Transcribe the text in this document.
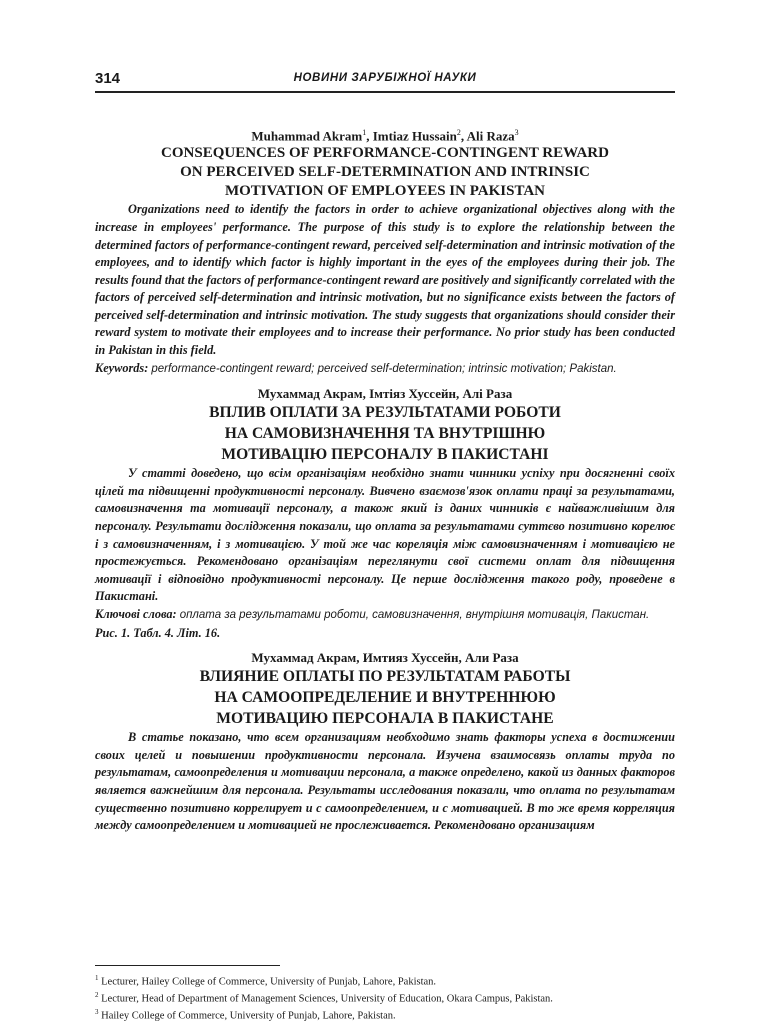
314	НОВИНИ ЗАРУБІЖНОЇ НАУКИ

Muhammad Akram$^1$, Imtiaz Hussain$^2$, Ali Raza$^3$

CONSEQUENCES OF PERFORMANCE-CONTINGENT REWARD
ON PERCEIVED SELF-DETERMINATION AND INTRINSIC
MOTIVATION OF EMPLOYEES IN PAKISTAN

Organizations need to identify the factors in order to achieve organizational objectives along with the increase in employees' performance. The purpose of this study is to explore the relationship between the determined factors of performance-contingent reward, perceived self-determination and intrinsic motivation of the employees, and to identify which factor is highly important in the eyes of the employees during their job. The results found that the factors of performance-contingent reward are positively and significantly correlated with the factors of perceived self-determination and intrinsic motivation, but no significance exists between the factors of perceived self-determination and intrinsic motivation. The study suggests that organizations should consider their reward system to motivate their employees and to increase their performance. No prior study has been conducted in Pakistan in this field.

Keywords: performance-contingent reward; perceived self-determination; intrinsic motivation; Pakistan.

Мухаммад Акрам, Імтіяз Хуссейн, Алі Раза

ВПЛИВ ОПЛАТИ ЗА РЕЗУЛЬТАТАМИ РОБОТИ
НА САМОВИЗНАЧЕННЯ ТА ВНУТРІШНЮ
МОТИВАЦІЮ ПЕРСОНАЛУ В ПАКИСТАНІ

У статті доведено, що всім організаціям необхідно знати чинники успіху при досягненні своїх цілей та підвищенні продуктивності персоналу. Вивчено взаємозв'язок оплати праці за результатами, самовизначення та мотивації персоналу, а також який із даних чинників є найважливішим для персоналу. Результати дослідження показали, що оплата за результатами суттєво позитивно корелює і з самовизначенням, і з мотивацією. У той же час кореляція між самовизначенням і мотивацією не простежується. Рекомендовано організаціям переглянути свої системи оплат для підвищення мотивації і відповідно продуктивності персоналу. Це перше дослідження такого роду, проведене в Пакистані.

Ключові слова: оплата за результатами роботи, самовизначення, внутрішня мотивація, Пакистан.

Рис. 1. Табл. 4. Літ. 16.

Мухаммад Акрам, Имтияз Хуссейн, Али Раза

ВЛИЯНИЕ ОПЛАТЫ ПО РЕЗУЛЬТАТАМ РАБОТЫ
НА САМООПРЕДЕЛЕНИЕ И ВНУТРЕННЮЮ
МОТИВАЦИЮ ПЕРСОНАЛА В ПАКИСТАНЕ

В статье показано, что всем организациям необходимо знать факторы успеха в достижении своих целей и повышении продуктивности персонала. Изучена взаимосвязь оплаты труда по результатам, самоопределения и мотивации персонала, а также определено, какой из данных факторов является важнейшим для персонала. Результаты исследования показали, что оплата по результатам существенно позитивно коррелирует и с самоопределением, и с мотивацией. В то же время корреляция между самоопределением и мотивацией не прослеживается. Рекомендовано организациям

$^1$ Lecturer, Hailey College of Commerce, University of Punjab, Lahore, Pakistan.
$^2$ Lecturer, Head of Department of Management Sciences, University of Education, Okara Campus, Pakistan.
$^3$ Hailey College of Commerce, University of Punjab, Lahore, Pakistan.
